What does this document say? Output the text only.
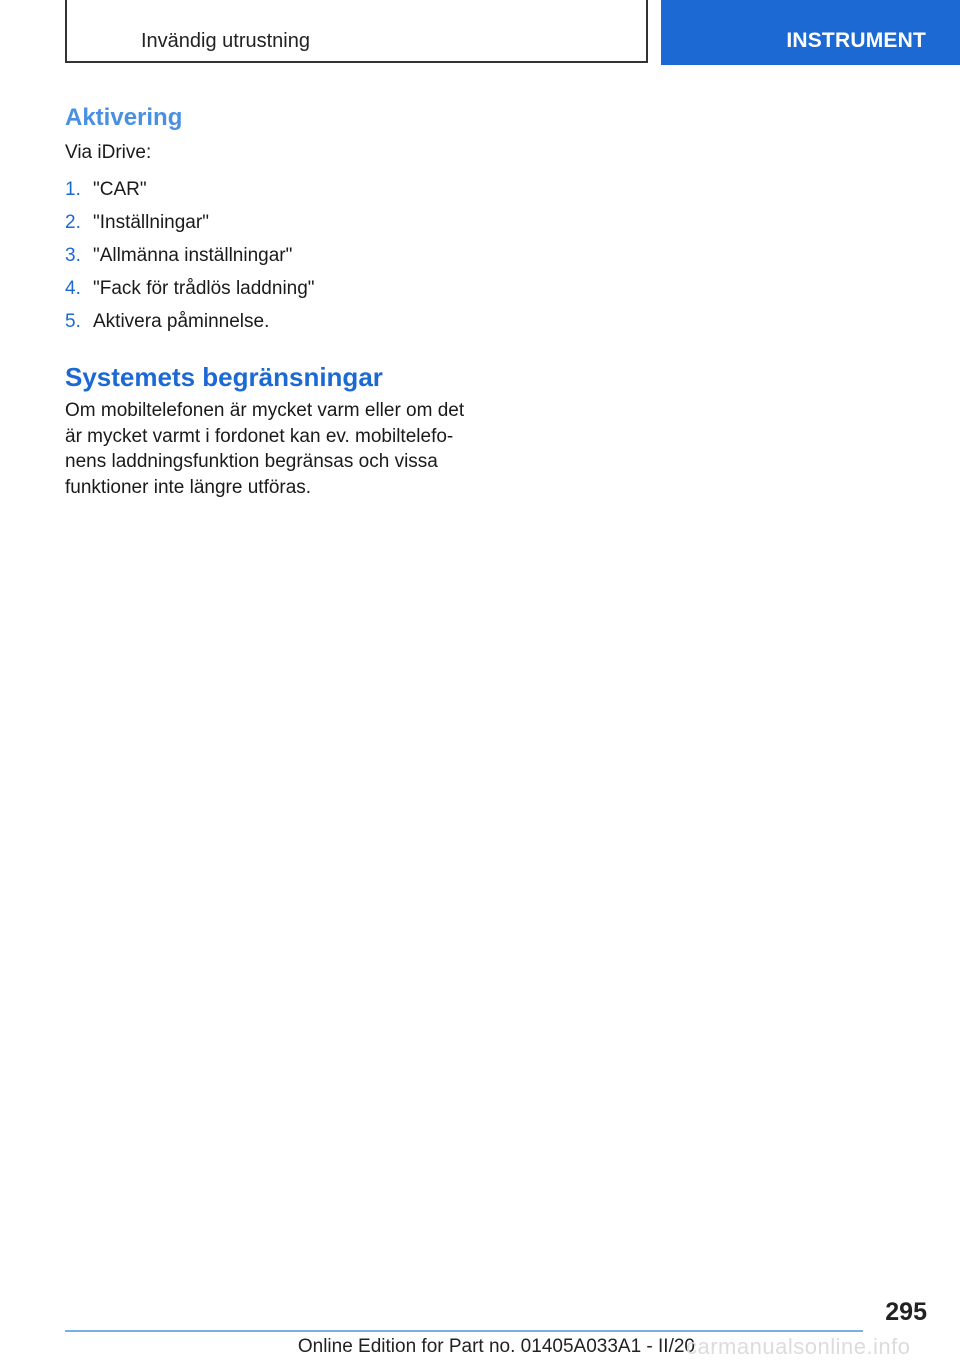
Invändig utrustning	INSTRUMENT
Aktivering

Via iDrive:

1. "CAR"
2. "Inställningar"
3. "Allmänna inställningar"
4. "Fack för trådlös laddning"
5. Aktivera påminnelse.
Systemets begränsningar

Om mobiltelefonen är mycket varm eller om det
är mycket varmt i fordonet kan ev. mobiltelefo-
nens laddningsfunktion begränsas och vissa
funktioner inte längre utföras.

295
Online Edition for Part no. 01405A033A1 - II/20
carmanualsonline.info
